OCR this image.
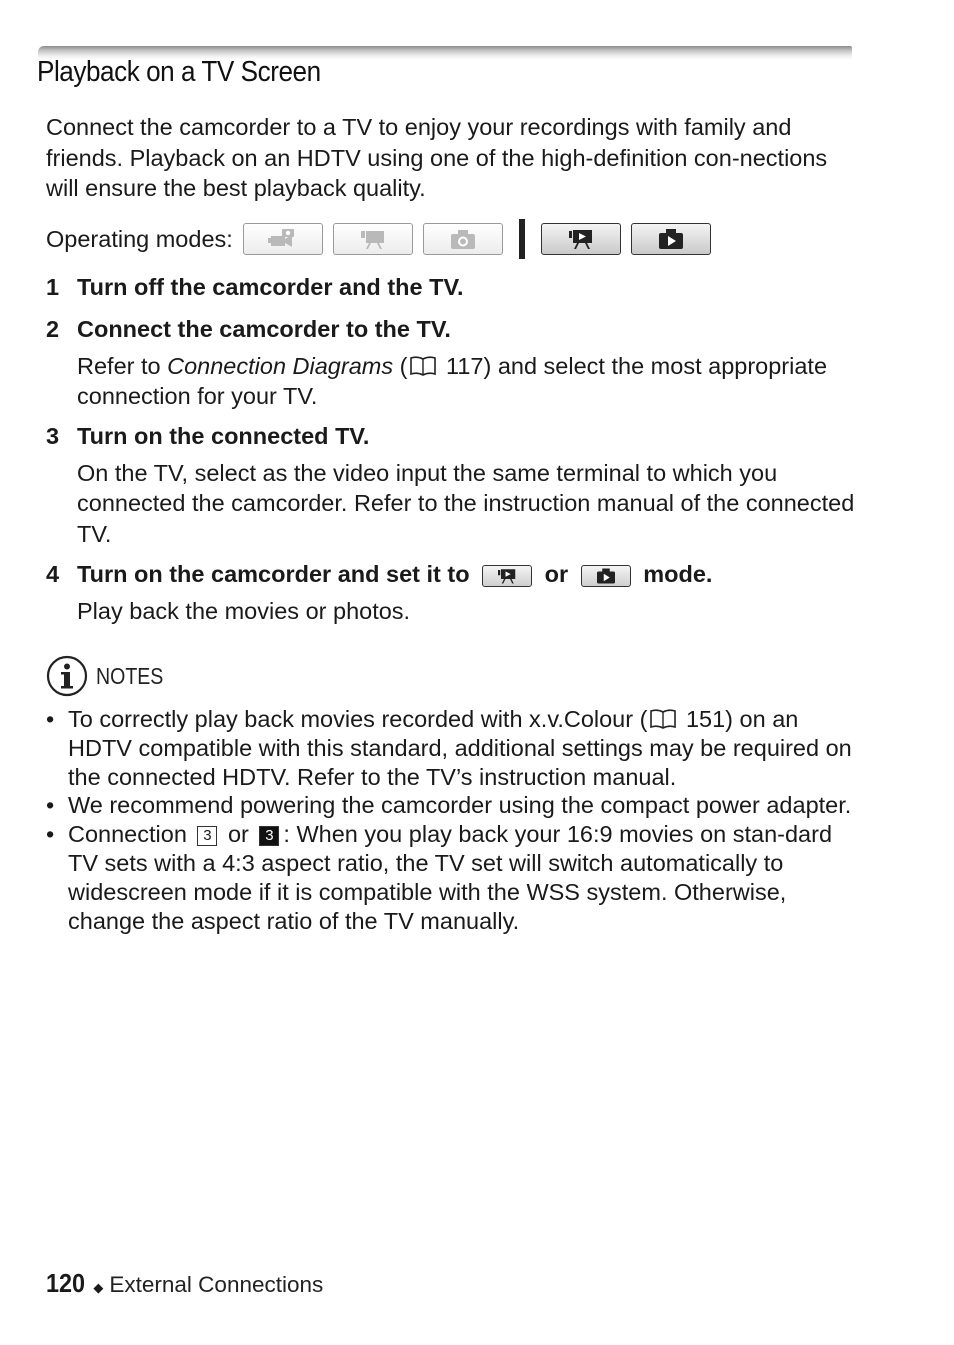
Playback on a TV Screen

Connect the camcorder to a TV to enjoy your recordings with family and friends. Playback on an HDTV using one of the high-definition con-nections will ensure the best playback quality.

Operating modes:
1 Turn off the camcorder and the TV.
2 Connect the camcorder to the TV.
Refer to Connection Diagrams ( 117) and select the most appropriate connection for your TV.
3 Turn on the connected TV.
On the TV, select as the video input the same terminal to which you connected the camcorder. Refer to the instruction manual of the connected TV.
4 Turn on the camcorder and set it to	or	mode.
Play back the movies or photos.
NOTES
• To correctly play back movies recorded with x.v.Colour ( 151) on an HDTV compatible with this standard, additional settings may be required on the connected HDTV. Refer to the TV’s instruction manual.
• We recommend powering the camcorder using the compact power adapter.
• Connection 3 or 3 : When you play back your 16:9 movies on stan-dard TV sets with a 4:3 aspect ratio, the TV set will switch automatically to widescreen mode if it is compatible with the WSS system. Otherwise, change the aspect ratio of the TV manually.
120 ◆ External Connections
